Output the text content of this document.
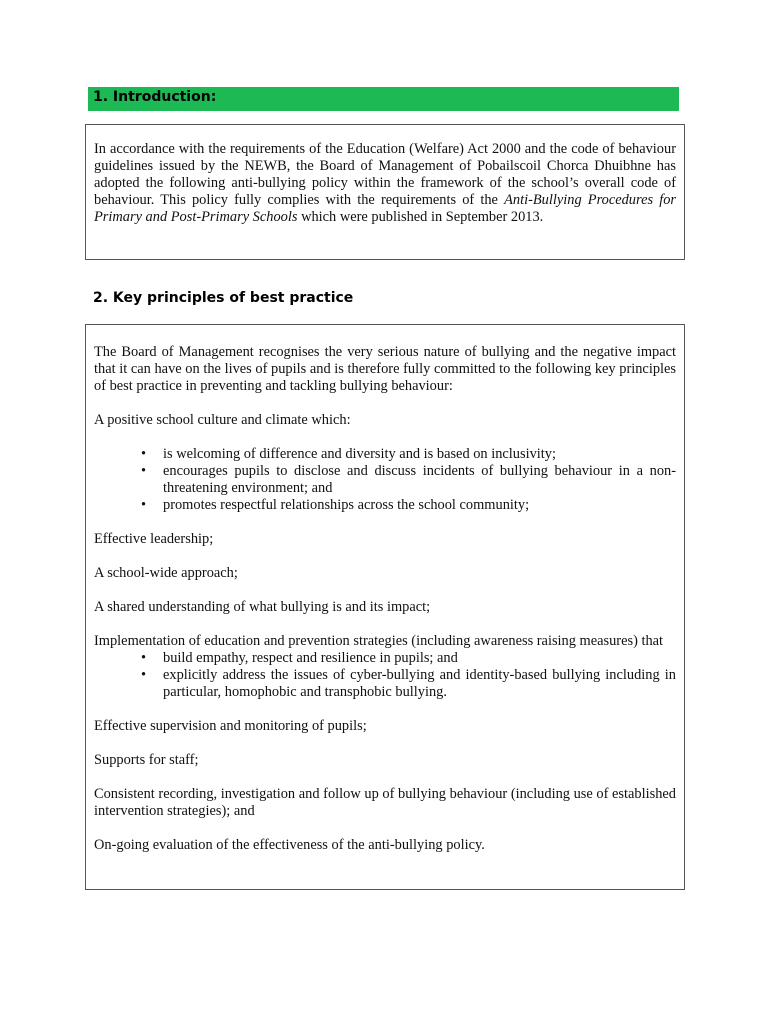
1. Introduction:

In accordance with the requirements of the Education (Welfare) Act 2000 and the code of behaviour guidelines issued by the NEWB, the Board of Management of Pobailscoil Chorca Dhuibhne has adopted the following anti-bullying policy within the framework of the school’s overall code of behaviour. This policy fully complies with the requirements of the Anti-Bullying Procedures for Primary and Post-Primary Schools which were published in September 2013.

2. Key principles of best practice

The Board of Management recognises the very serious nature of bullying and the negative impact that it can have on the lives of pupils and is therefore fully committed to the following key principles of best practice in preventing and tackling bullying behaviour:

A positive school culture and climate which:

• is welcoming of difference and diversity and is based on inclusivity;
• encourages pupils to disclose and discuss incidents of bullying behaviour in a non-threatening environment; and
• promotes respectful relationships across the school community;

Effective leadership;

A school-wide approach;

A shared understanding of what bullying is and its impact;

Implementation of education and prevention strategies (including awareness raising measures) that

• build empathy, respect and resilience in pupils; and
• explicitly address the issues of cyber-bullying and identity-based bullying including in particular, homophobic and transphobic bullying.

Effective supervision and monitoring of pupils;

Supports for staff;

Consistent recording, investigation and follow up of bullying behaviour (including use of established intervention strategies); and

On-going evaluation of the effectiveness of the anti-bullying policy.
